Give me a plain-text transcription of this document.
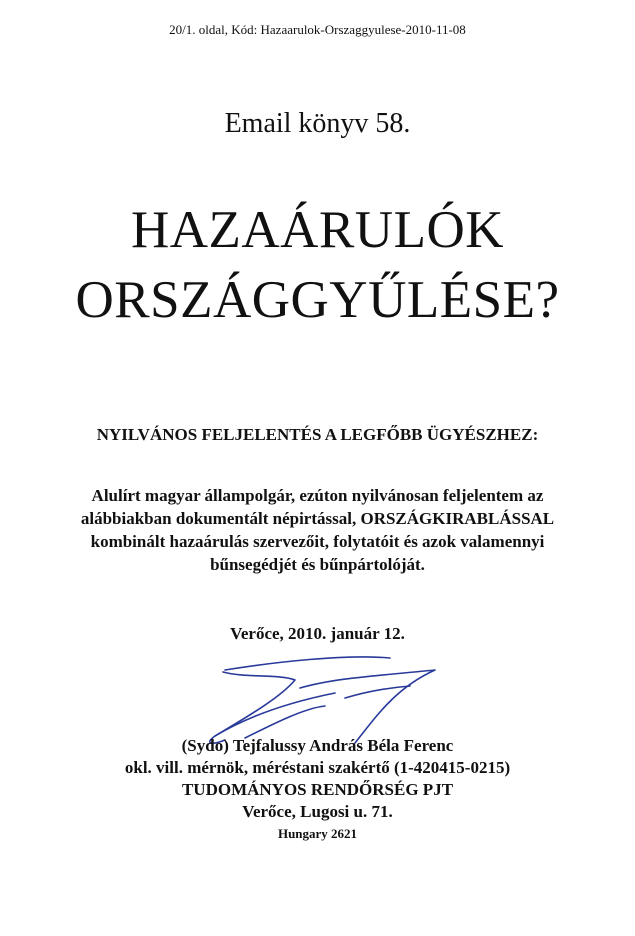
20/1. oldal, Kód: Hazaarulok-Orszaggyulese-2010-11-08
Email könyv 58.
HAZAÁRULÓK
ORSZÁGGYŰLÉSE?
NYILVÁNOS FELJELENTÉS A LEGFŐBB ÜGYÉSZHEZ:
Alulírt magyar állampolgár, ezúton nyilvánosan feljelentem az
alábbiakban dokumentált népirtással, ORSZÁGKIRABLÁSSAL
kombinált hazaárulás szervezőit, folytatóit és azok valamennyi
bűnsegédjét és bűnpártolóját.
Verőce, 2010. január 12.
(Sydo) Tejfalussy András Béla Ferenc
okl. vill. mérnök, méréstani szakértő (1-420415-0215)
TUDOMÁNYOS RENDŐRSÉG PJT
Verőce, Lugosi u. 71.
Hungary 2621
